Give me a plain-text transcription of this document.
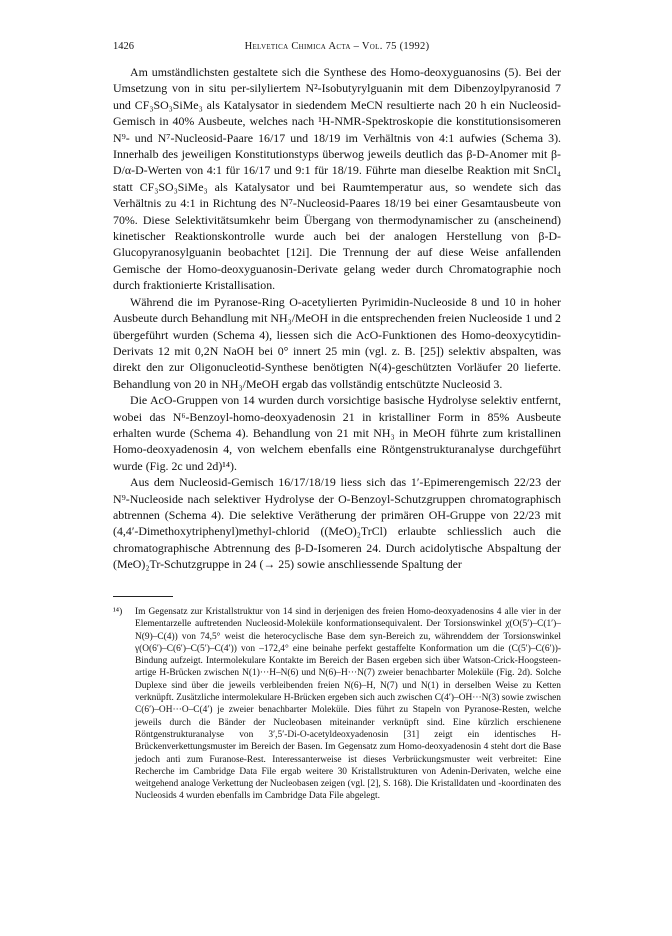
1426	Helvetica Chimica Acta – Vol. 75 (1992)

Am umständlichsten gestaltete sich die Synthese des Homo-deoxyguanosins (5). Bei der Umsetzung von in situ per-silyliertem N²-Isobutyrylguanin mit dem Dibenzoylpyranosid 7 und CF₃SO₃SiMe₃ als Katalysator in siedendem MeCN resultierte nach 20 h ein Nucleosid-Gemisch in 40% Ausbeute, welches nach ¹H-NMR-Spektroskopie die konstitutionsisomeren N⁹- und N⁷-Nucleosid-Paare 16/17 und 18/19 im Verhältnis von 4:1 aufwies (Schema 3). Innerhalb des jeweiligen Konstitutionstyps überwog jeweils deutlich das β-D-Anomer mit β-D/α-D-Werten von 4:1 für 16/17 und 9:1 für 18/19. Führte man dieselbe Reaktion mit SnCl₄ statt CF₃SO₃SiMe₃ als Katalysator und bei Raumtemperatur aus, so wendete sich das Verhältnis zu 4:1 in Richtung des N⁷-Nucleosid-Paares 18/19 bei einer Gesamtausbeute von 70%. Diese Selektivitätsumkehr beim Übergang von thermodynamischer zu (anscheinend) kinetischer Reaktionskontrolle wurde auch bei der analogen Herstellung von β-D-Glucopyranosylguanin beobachtet [12i]. Die Trennung der auf diese Weise anfallenden Gemische der Homo-deoxyguanosin-Derivate gelang weder durch Chromatographie noch durch fraktionierte Kristallisation.

Während die im Pyranose-Ring O-acetylierten Pyrimidin-Nucleoside 8 und 10 in hoher Ausbeute durch Behandlung mit NH₃/MeOH in die entsprechenden freien Nucleoside 1 und 2 übergeführt wurden (Schema 4), liessen sich die AcO-Funktionen des Homo-deoxycytidin-Derivats 12 mit 0,2N NaOH bei 0° innert 25 min (vgl. z. B. [25]) selektiv abspalten, was direkt den zur Oligonucleotid-Synthese benötigten N(4)-geschützten Vorläufer 20 lieferte. Behandlung von 20 in NH₃/MeOH ergab das vollständig entschützte Nucleosid 3.

Die AcO-Gruppen von 14 wurden durch vorsichtige basische Hydrolyse selektiv entfernt, wobei das N⁶-Benzoyl-homo-deoxyadenosin 21 in kristalliner Form in 85% Ausbeute erhalten wurde (Schema 4). Behandlung von 21 mit NH₃ in MeOH führte zum kristallinen Homo-deoxyadenosin 4, von welchem ebenfalls eine Röntgenstrukturanalyse durchgeführt wurde (Fig. 2c und 2d)¹⁴).

Aus dem Nucleosid-Gemisch 16/17/18/19 liess sich das 1′-Epimerengemisch 22/23 der N⁹-Nucleoside nach selektiver Hydrolyse der O-Benzoyl-Schutzgruppen chromatographisch abtrennen (Schema 4). Die selektive Verätherung der primären OH-Gruppe von 22/23 mit (4,4′-Dimethoxytriphenyl)methyl-chlorid ((MeO)₂TrCl) erlaubte schliesslich auch die chromatographische Abtrennung des β-D-Isomeren 24. Durch acidolytische Abspaltung der (MeO)₂Tr-Schutzgruppe in 24 (→ 25) sowie anschliessende Spaltung der

¹⁴) Im Gegensatz zur Kristallstruktur von 14 sind in derjenigen des freien Homo-deoxyadenosins 4 alle vier in der Elementarzelle auftretenden Nucleosid-Moleküle konformationsequivalent. Der Torsionswinkel χ(O(5′)–C(1′)–N(9)–C(4)) von 74,5° weist die heterocyclische Base dem syn-Bereich zu, währenddem der Torsionswinkel γ(O(6′)–C(6′)–C(5′)–C(4′)) von –172,4° eine beinahe perfekt gestaffelte Konformation um die (C(5′)–C(6′))-Bindung aufzeigt. Intermolekulare Kontakte im Bereich der Basen ergeben sich über Watson-Crick-Hoogsteen-artige H-Brücken zwischen N(1)···H–N(6) und N(6)–H···N(7) zweier benachbarter Moleküle (Fig. 2d). Solche Duplexe sind über die jeweils verbleibenden freien N(6)–H, N(7) und N(1) in derselben Weise zu Ketten verknüpft. Zusätzliche intermolekulare H-Brücken ergeben sich auch zwischen C(4′)–OH···N(3) sowie zwischen C(6′)–OH···O–C(4′) je zweier benachbarter Moleküle. Dies führt zu Stapeln von Pyranose-Resten, welche jeweils durch die Bänder der Nucleobasen miteinander verknüpft sind. Eine kürzlich erschienene Röntgenstrukturanalyse von 3′,5′-Di-O-acetyldeoxyadenosin [31] zeigt ein identisches H-Brückenverkettungsmuster im Bereich der Basen. Im Gegensatz zum Homo-deoxyadenosin 4 steht dort die Base jedoch anti zum Furanose-Rest. Interessanterweise ist dieses Verbrückungsmuster weit verbreitet: Eine Recherche im Cambridge Data File ergab weitere 30 Kristallstrukturen von Adenin-Derivaten, welche eine weitgehend analoge Verkettung der Nucleobasen zeigen (vgl. [2], S. 168). Die Kristalldaten und -koordinaten des Nucleosids 4 wurden ebenfalls im Cambridge Data File abgelegt.
